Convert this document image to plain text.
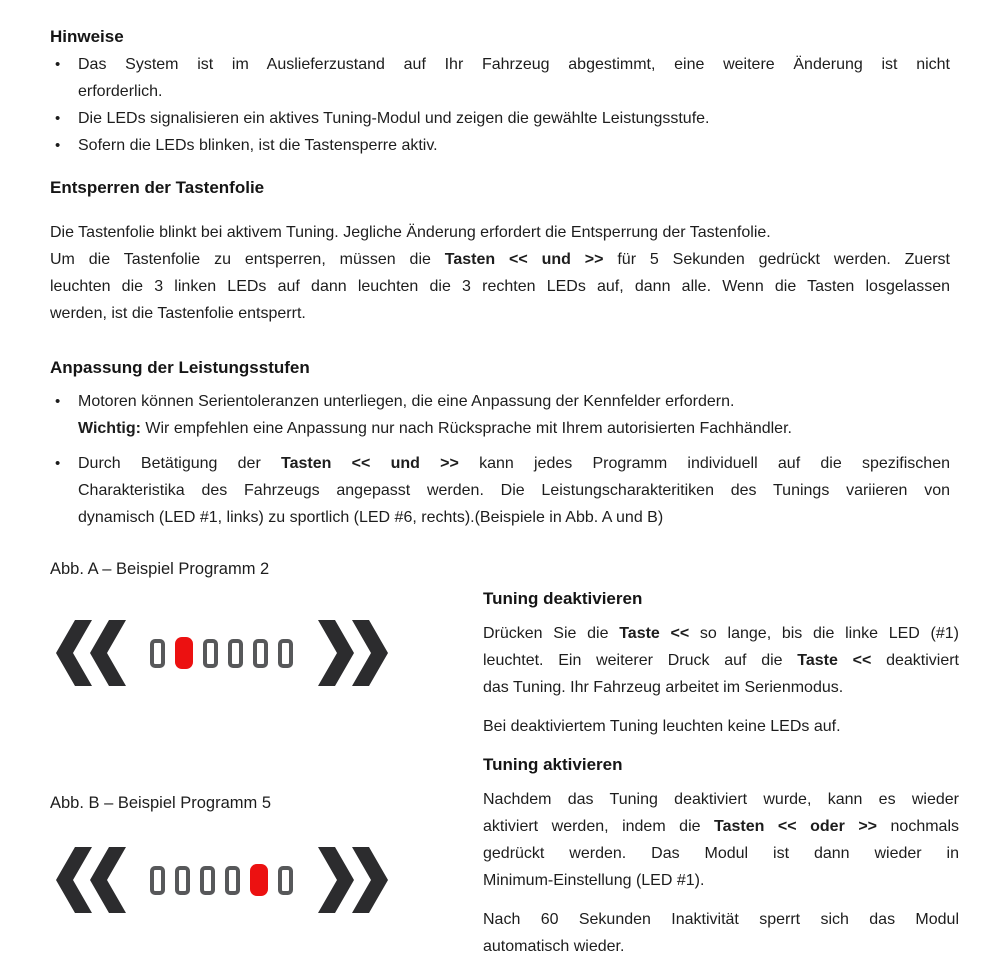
Hinweise
• Das System ist im Auslieferzustand auf Ihr Fahrzeug abgestimmt, eine weitere Änderung ist nicht
erforderlich.
• Die LEDs signalisieren ein aktives Tuning-Modul und zeigen die gewählte Leistungsstufe.
• Sofern die LEDs blinken, ist die Tastensperre aktiv.
Entsperren der Tastenfolie
Die Tastenfolie blinkt bei aktivem Tuning. Jegliche Änderung erfordert die Entsperrung der Tastenfolie.
Um die Tastenfolie zu entsperren, müssen die Tasten << und >> für 5 Sekunden gedrückt werden. Zuerst
leuchten die 3 linken LEDs auf dann leuchten die 3 rechten LEDs auf, dann alle. Wenn die Tasten losgelassen
werden, ist die Tastenfolie entsperrt.
Anpassung der Leistungsstufen
• Motoren können Serientoleranzen unterliegen, die eine Anpassung der Kennfelder erfordern.
Wichtig: Wir empfehlen eine Anpassung nur nach Rücksprache mit Ihrem autorisierten Fachhändler.
• Durch Betätigung der Tasten << und >> kann jedes Programm individuell auf die spezifischen
Charakteristika des Fahrzeugs angepasst werden. Die Leistungscharakteritiken des Tunings variieren von
dynamisch (LED #1, links) zu sportlich (LED #6, rechts).(Beispiele in Abb. A und B)

Abb. A – Beispiel Programm 2

Abb. B – Beispiel Programm 5

Tuning deaktivieren
Drücken Sie die Taste << so lange, bis die linke LED (#1)
leuchtet. Ein weiterer Druck auf die Taste << deaktiviert
das Tuning. Ihr Fahrzeug arbeitet im Serienmodus.
Bei deaktiviertem Tuning leuchten keine LEDs auf.
Tuning aktivieren
Nachdem das Tuning deaktiviert wurde, kann es wieder
aktiviert werden, indem die Tasten << oder >> nochmals
gedrückt werden. Das Modul ist dann wieder in
Minimum-Einstellung (LED #1).
Nach 60 Sekunden Inaktivität sperrt sich das Modul
automatisch wieder.
